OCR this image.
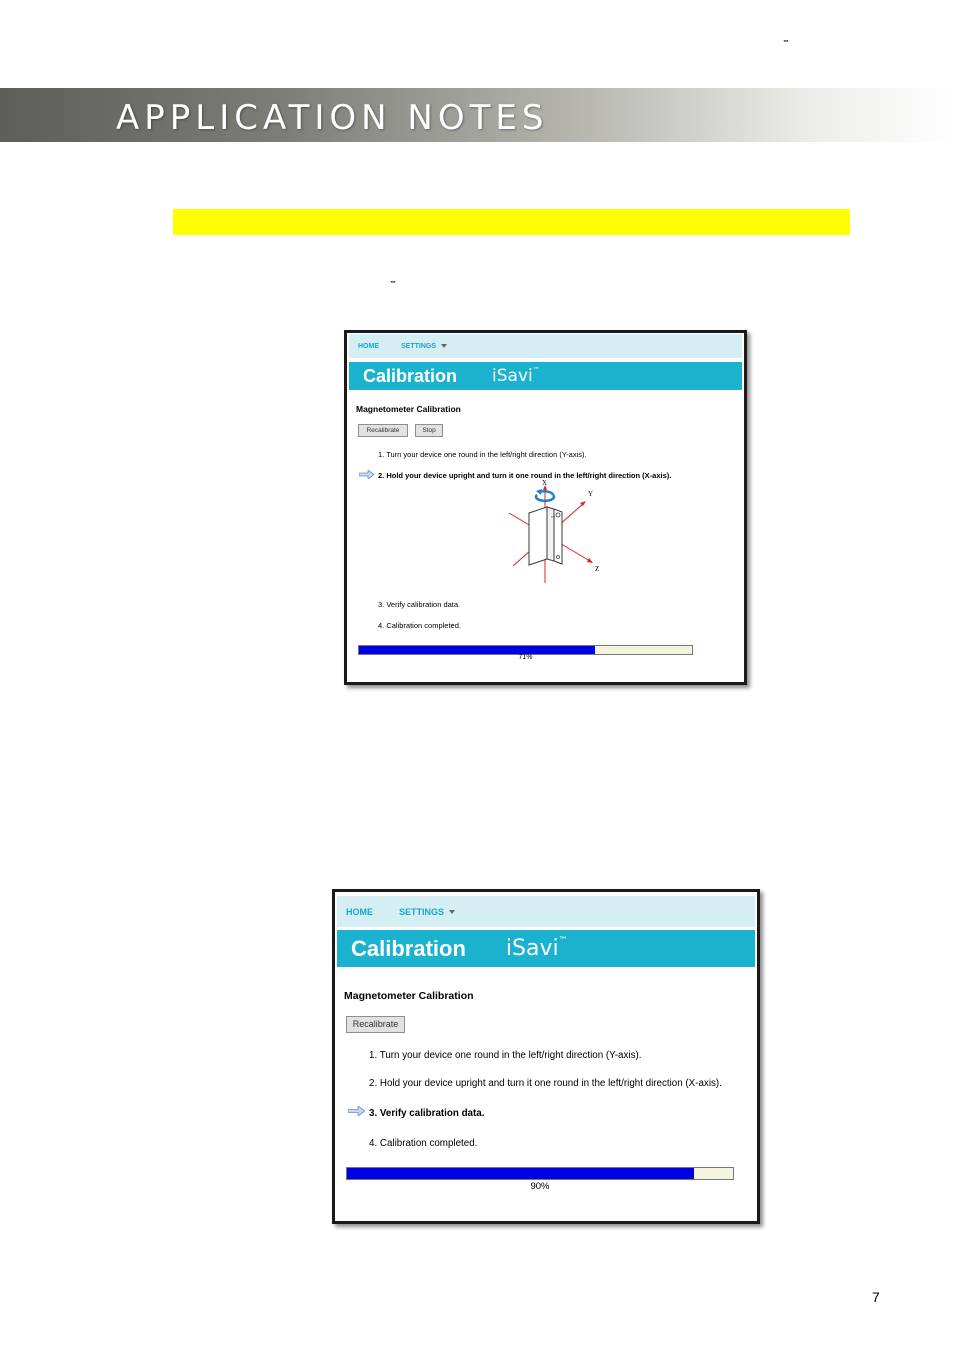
™
APPLICATION NOTES
™
HOME	SETTINGS
Calibration iSavi™
Magnetometer Calibration
Recalibrate	Stop
1. Turn your device one round in the left/right direction (Y-axis).
2. Hold your device upright and turn it one round in the left/right direction (X-axis).
ᵀᴹ
X
Y
Z
3. Verify calibration data.
4. Calibration completed.
71%
HOME	SETTINGS
Calibration iSavi™
Magnetometer Calibration
Recalibrate
1. Turn your device one round in the left/right direction (Y-axis).
2. Hold your device upright and turn it one round in the left/right direction (X-axis).
3. Verify calibration data.
4. Calibration completed.
90%
7
